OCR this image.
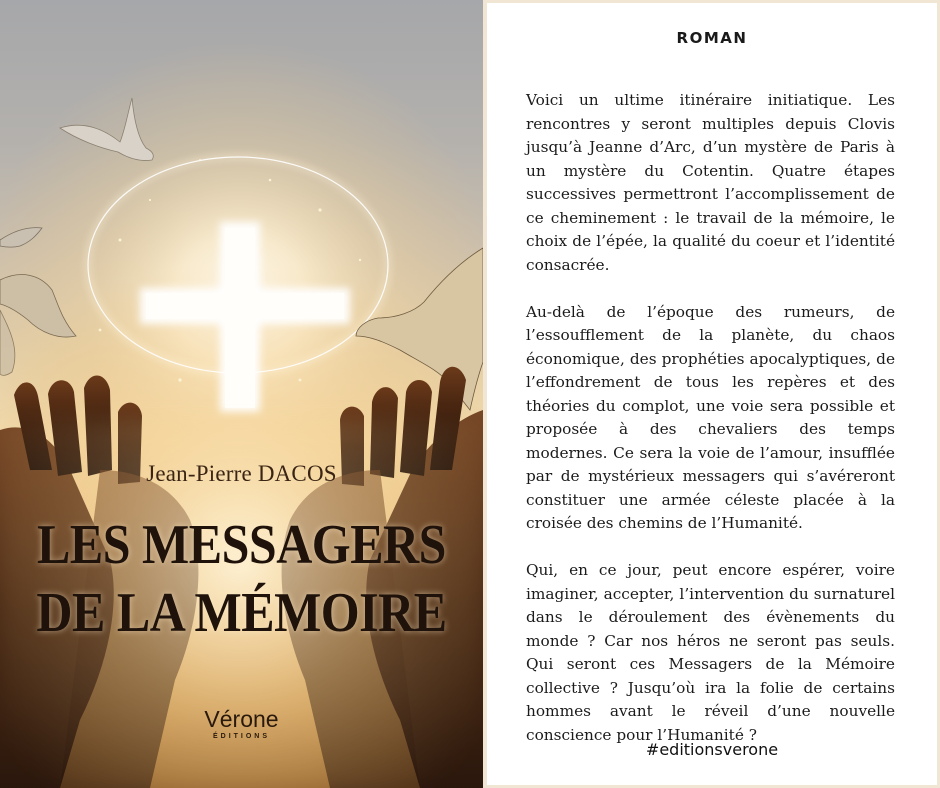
Jean-Pierre DACOS
LES MESSAGERS
DE LA MÉMOIRE
Vérone
ÉDITIONS
ROMAN

Voici un ultime itinéraire initiatique. Les rencontres y seront multiples depuis Clovis jusqu’à Jeanne d’Arc, d’un mystère de Paris à un mystère du Cotentin. Quatre étapes successives permettront l’accomplissement de ce cheminement : le travail de la mémoire, le choix de l’épée, la qualité du coeur et l’identité consacrée.

Au-delà de l’époque des rumeurs, de l’essoufflement de la planète, du chaos économique, des prophéties apocalyptiques, de l’effondrement de tous les repères et des théories du complot, une voie sera possible et proposée à des chevaliers des temps modernes. Ce sera la voie de l’amour, insufflée par de mystérieux messagers qui s’avéreront constituer une armée céleste placée à la croisée des chemins de l’Humanité.

Qui, en ce jour, peut encore espérer, voire imaginer, accepter, l’intervention du surnaturel dans le déroulement des évènements du monde ? Car nos héros ne seront pas seuls. Qui seront ces Messagers de la Mémoire collective ? Jusqu’où ira la folie de certains hommes avant le réveil d’une nouvelle conscience pour l’Humanité ?

#editionsverone
